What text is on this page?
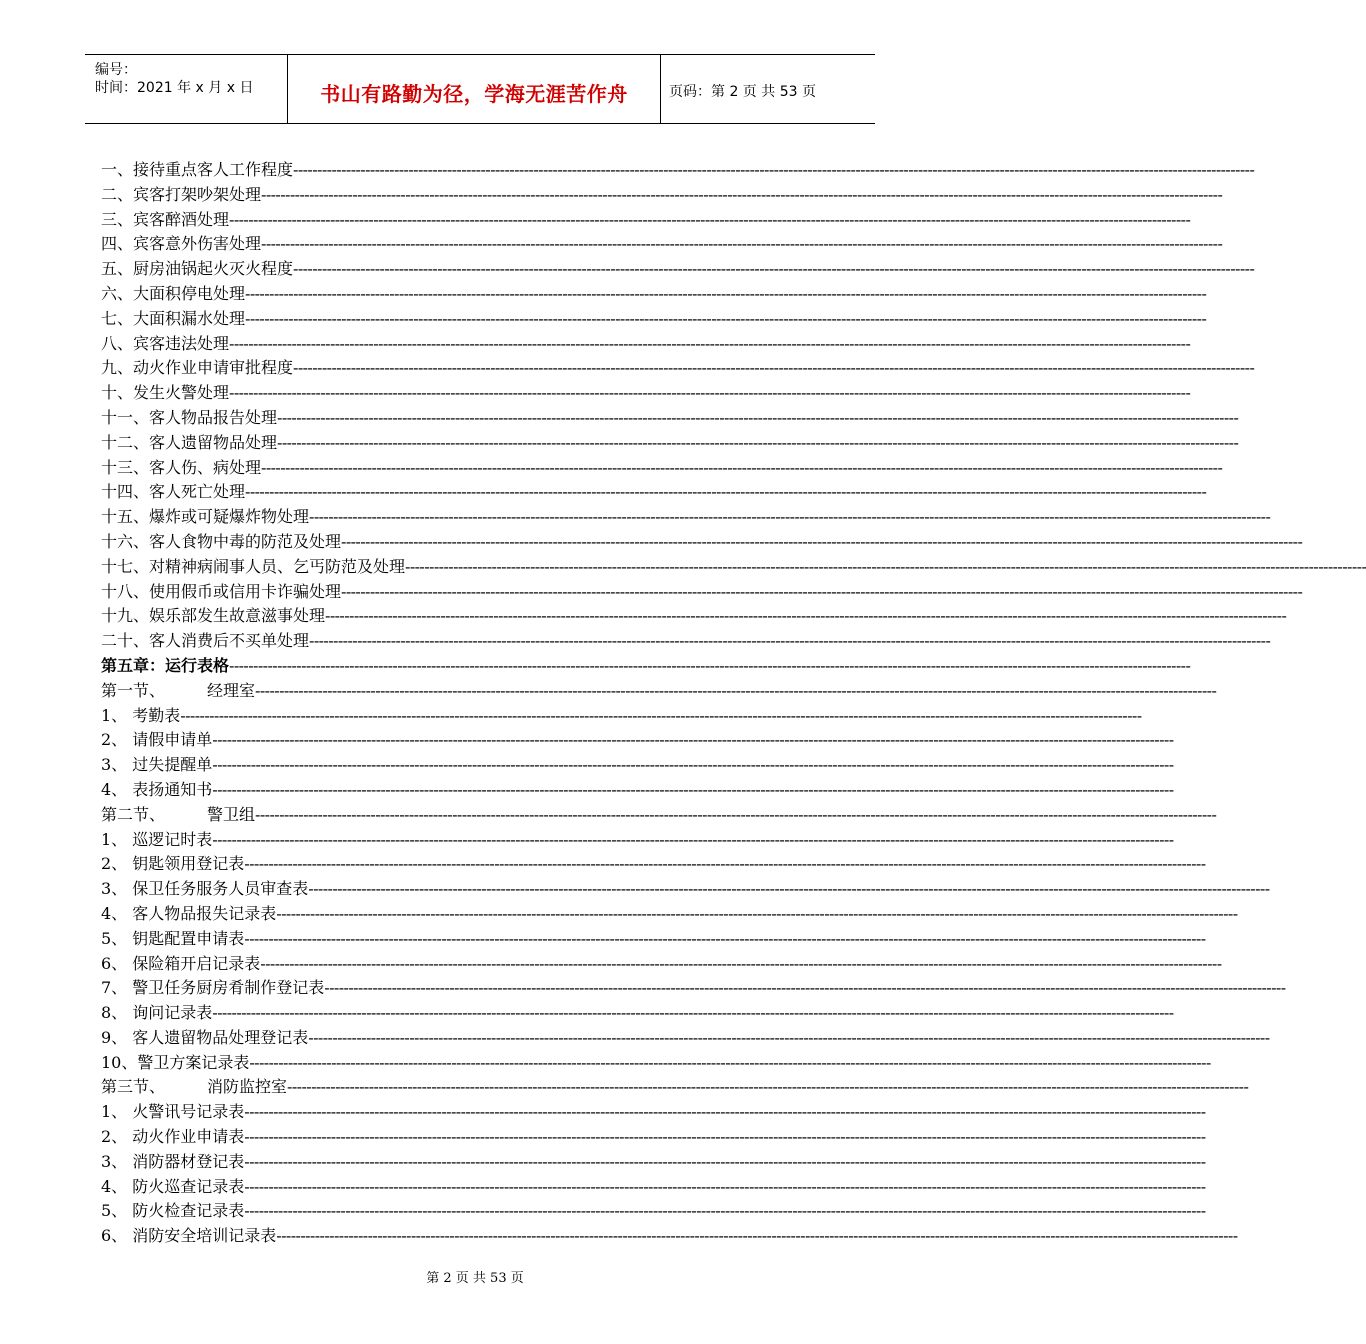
编号：
时间：2021 年 x 月 x 日	书山有路勤为径，学海无涯苦作舟	页码：第 2 页 共 53 页
一、接待重点客人工作程度--------------------------------------------------------------------------------------------------------------------------------------------------------------------------------------------------------
二、宾客打架吵架处理--------------------------------------------------------------------------------------------------------------------------------------------------------------------------------------------------------
三、宾客醉酒处理--------------------------------------------------------------------------------------------------------------------------------------------------------------------------------------------------------
四、宾客意外伤害处理--------------------------------------------------------------------------------------------------------------------------------------------------------------------------------------------------------
五、厨房油锅起火灭火程度--------------------------------------------------------------------------------------------------------------------------------------------------------------------------------------------------------
六、大面积停电处理--------------------------------------------------------------------------------------------------------------------------------------------------------------------------------------------------------
七、大面积漏水处理--------------------------------------------------------------------------------------------------------------------------------------------------------------------------------------------------------
八、宾客违法处理--------------------------------------------------------------------------------------------------------------------------------------------------------------------------------------------------------
九、动火作业申请审批程度--------------------------------------------------------------------------------------------------------------------------------------------------------------------------------------------------------
十、发生火警处理--------------------------------------------------------------------------------------------------------------------------------------------------------------------------------------------------------
十一、客人物品报告处理--------------------------------------------------------------------------------------------------------------------------------------------------------------------------------------------------------
十二、客人遗留物品处理--------------------------------------------------------------------------------------------------------------------------------------------------------------------------------------------------------
十三、客人伤、病处理--------------------------------------------------------------------------------------------------------------------------------------------------------------------------------------------------------
十四、客人死亡处理--------------------------------------------------------------------------------------------------------------------------------------------------------------------------------------------------------
十五、爆炸或可疑爆炸物处理--------------------------------------------------------------------------------------------------------------------------------------------------------------------------------------------------------
十六、客人食物中毒的防范及处理--------------------------------------------------------------------------------------------------------------------------------------------------------------------------------------------------------
十七、对精神病闹事人员、乞丐防范及处理--------------------------------------------------------------------------------------------------------------------------------------------------------------------------------------------------------
十八、使用假币或信用卡诈骗处理--------------------------------------------------------------------------------------------------------------------------------------------------------------------------------------------------------
十九、娱乐部发生故意滋事处理--------------------------------------------------------------------------------------------------------------------------------------------------------------------------------------------------------
二十、客人消费后不买单处理--------------------------------------------------------------------------------------------------------------------------------------------------------------------------------------------------------
第五章：运行表格--------------------------------------------------------------------------------------------------------------------------------------------------------------------------------------------------------
第一节、	经理室--------------------------------------------------------------------------------------------------------------------------------------------------------------------------------------------------------
1、 考勤表--------------------------------------------------------------------------------------------------------------------------------------------------------------------------------------------------------
2、 请假申请单--------------------------------------------------------------------------------------------------------------------------------------------------------------------------------------------------------
3、 过失提醒单--------------------------------------------------------------------------------------------------------------------------------------------------------------------------------------------------------
4、 表扬通知书--------------------------------------------------------------------------------------------------------------------------------------------------------------------------------------------------------
第二节、	警卫组--------------------------------------------------------------------------------------------------------------------------------------------------------------------------------------------------------
1、 巡逻记时表--------------------------------------------------------------------------------------------------------------------------------------------------------------------------------------------------------
2、 钥匙领用登记表--------------------------------------------------------------------------------------------------------------------------------------------------------------------------------------------------------
3、 保卫任务服务人员审查表--------------------------------------------------------------------------------------------------------------------------------------------------------------------------------------------------------
4、 客人物品报失记录表--------------------------------------------------------------------------------------------------------------------------------------------------------------------------------------------------------
5、 钥匙配置申请表--------------------------------------------------------------------------------------------------------------------------------------------------------------------------------------------------------
6、 保险箱开启记录表--------------------------------------------------------------------------------------------------------------------------------------------------------------------------------------------------------
7、 警卫任务厨房肴制作登记表--------------------------------------------------------------------------------------------------------------------------------------------------------------------------------------------------------
8、 询问记录表--------------------------------------------------------------------------------------------------------------------------------------------------------------------------------------------------------
9、 客人遗留物品处理登记表--------------------------------------------------------------------------------------------------------------------------------------------------------------------------------------------------------
10、警卫方案记录表--------------------------------------------------------------------------------------------------------------------------------------------------------------------------------------------------------
第三节、	消防监控室--------------------------------------------------------------------------------------------------------------------------------------------------------------------------------------------------------
1、 火警讯号记录表--------------------------------------------------------------------------------------------------------------------------------------------------------------------------------------------------------
2、 动火作业申请表--------------------------------------------------------------------------------------------------------------------------------------------------------------------------------------------------------
3、 消防器材登记表--------------------------------------------------------------------------------------------------------------------------------------------------------------------------------------------------------
4、 防火巡查记录表--------------------------------------------------------------------------------------------------------------------------------------------------------------------------------------------------------
5、 防火检查记录表--------------------------------------------------------------------------------------------------------------------------------------------------------------------------------------------------------
6、 消防安全培训记录表--------------------------------------------------------------------------------------------------------------------------------------------------------------------------------------------------------
第 2 页 共 53 页
